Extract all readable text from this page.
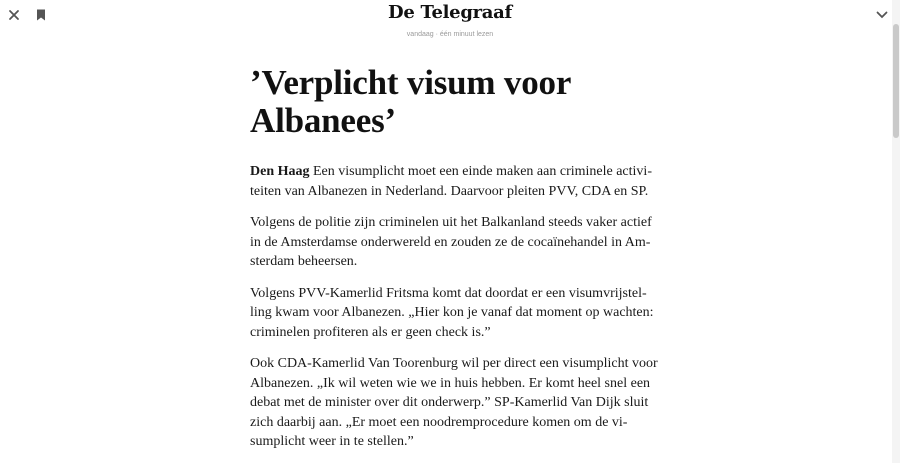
De Telegraaf
vandaag · één minuut lezen
’Verplicht visum voor
Albanees’

Den Haag Een visumplicht moet een einde maken aan criminele activi-
teiten van Albanezen in Nederland. Daarvoor pleiten PVV, CDA en SP.

Volgens de politie zijn criminelen uit het Balkanland steeds vaker actief
in de Amsterdamse onderwereld en zouden ze de cocaïnehandel in Am-
sterdam beheersen.

Volgens PVV-Kamerlid Fritsma komt dat doordat er een visumvrijstel-
ling kwam voor Albanezen. „Hier kon je vanaf dat moment op wachten:
criminelen profiteren als er geen check is.”

Ook CDA-Kamerlid Van Toorenburg wil per direct een visumplicht voor
Albanezen. „Ik wil weten wie we in huis hebben. Er komt heel snel een
debat met de minister over dit onderwerp.” SP-Kamerlid Van Dijk sluit
zich daarbij aan. „Er moet een noodremprocedure komen om de vi-
sumplicht weer in te stellen.”
